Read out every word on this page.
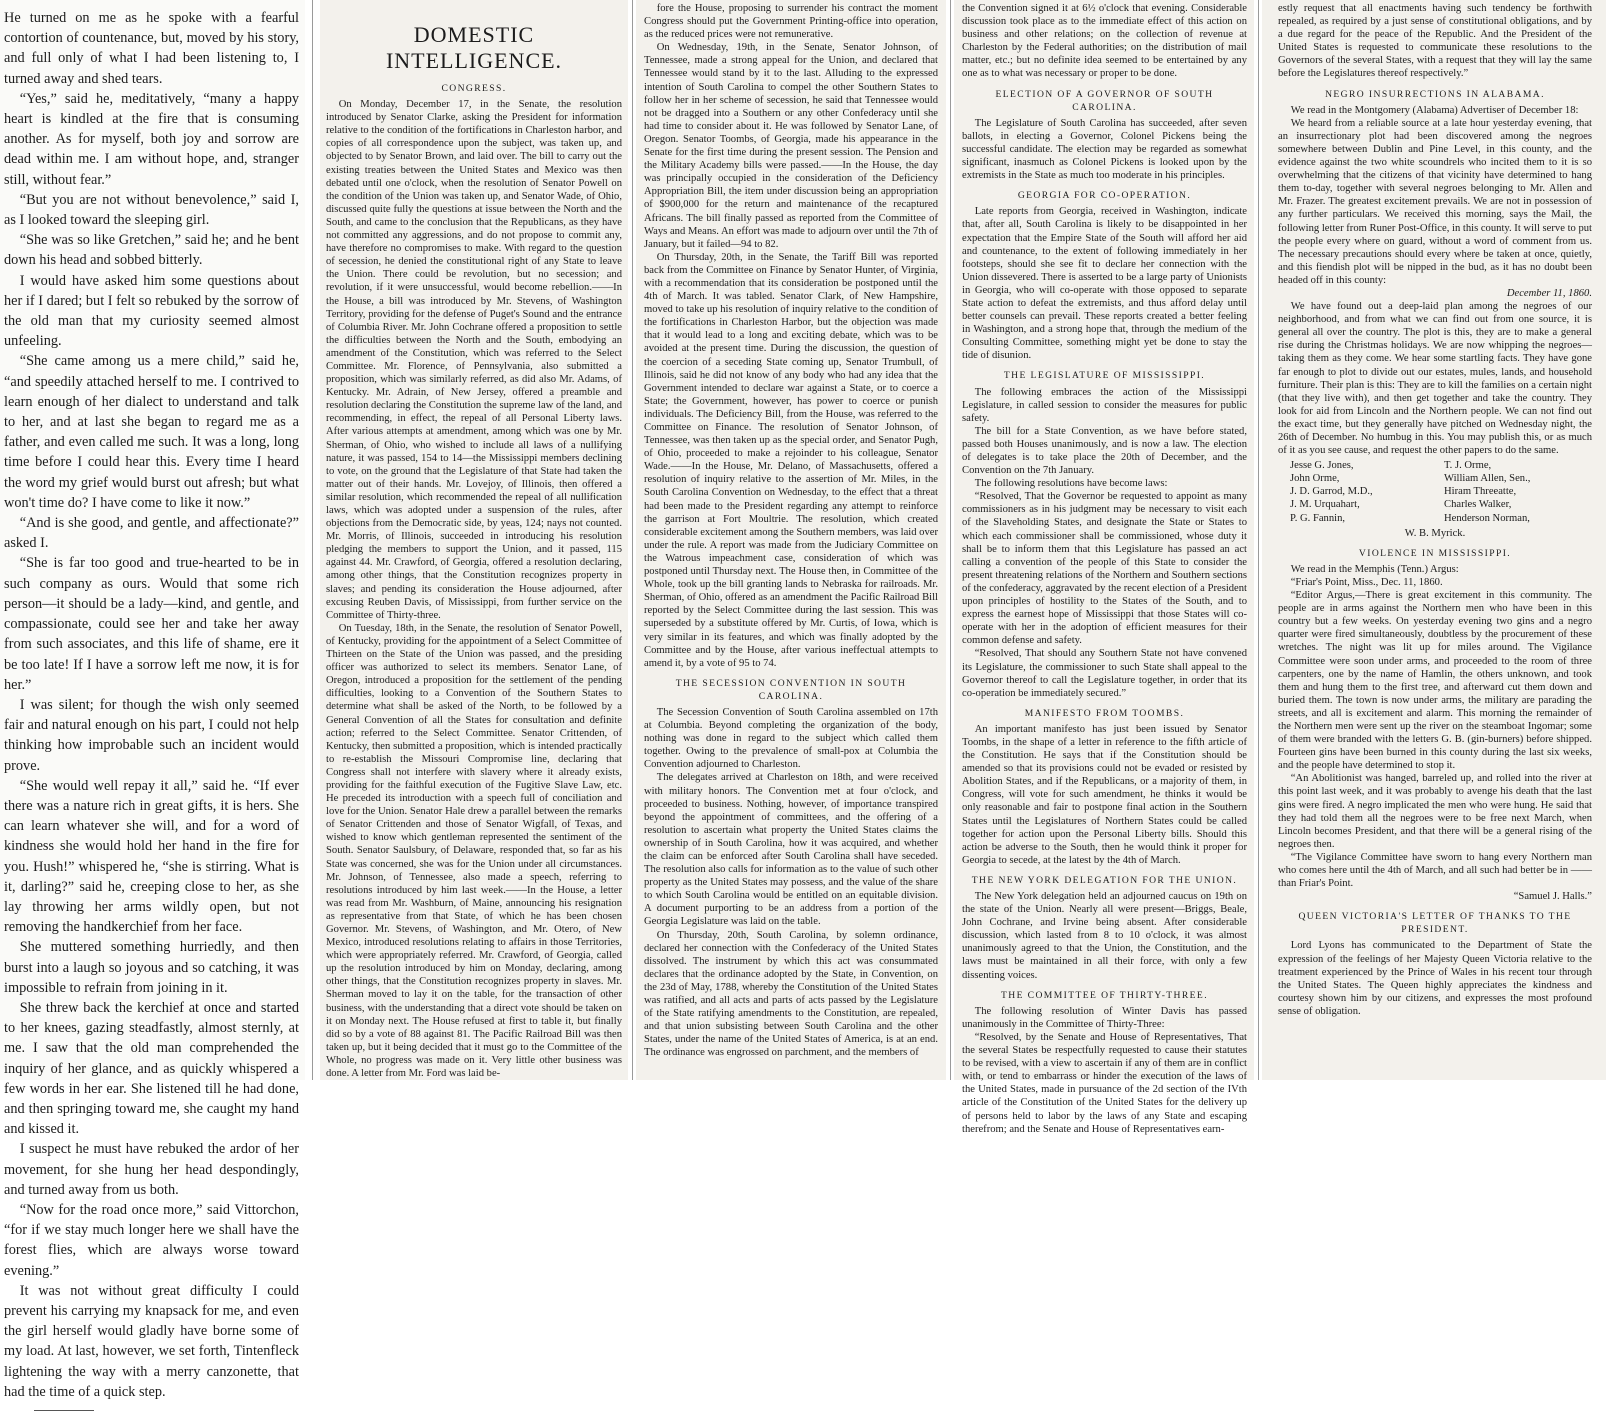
He turned on me as he spoke with a fearful contortion of countenance, but, moved by his story, and full only of what I had been listening to, I turned away and shed tears.

“Yes,” said he, meditatively, “many a happy heart is kindled at the fire that is consuming another. As for myself, both joy and sorrow are dead within me. I am without hope, and, stranger still, without fear.”

“But you are not without benevolence,” said I, as I looked toward the sleeping girl.

“She was so like Gretchen,” said he; and he bent down his head and sobbed bitterly.

I would have asked him some questions about her if I dared; but I felt so rebuked by the sorrow of the old man that my curiosity seemed almost unfeeling.

“She came among us a mere child,” said he, “and speedily attached herself to me. I contrived to learn enough of her dialect to understand and talk to her, and at last she began to regard me as a father, and even called me such. It was a long, long time before I could hear this. Every time I heard the word my grief would burst out afresh; but what won't time do? I have come to like it now.”

“And is she good, and gentle, and affectionate?” asked I.

“She is far too good and true-hearted to be in such company as ours. Would that some rich person—it should be a lady—kind, and gentle, and compassionate, could see her and take her away from such associates, and this life of shame, ere it be too late! If I have a sorrow left me now, it is for her.”

I was silent; for though the wish only seemed fair and natural enough on his part, I could not help thinking how improbable such an incident would prove.

“She would well repay it all,” said he. “If ever there was a nature rich in great gifts, it is hers. She can learn whatever she will, and for a word of kindness she would hold her hand in the fire for you. Hush!” whispered he, “she is stirring. What is it, darling?” said he, creeping close to her, as she lay throwing her arms wildly open, but not removing the handkerchief from her face.

She muttered something hurriedly, and then burst into a laugh so joyous and so catching, it was impossible to refrain from joining in it.

She threw back the kerchief at once and started to her knees, gazing steadfastly, almost sternly, at me. I saw that the old man comprehended the inquiry of her glance, and as quickly whispered a few words in her ear. She listened till he had done, and then springing toward me, she caught my hand and kissed it.

I suspect he must have rebuked the ardor of her movement, for she hung her head despondingly, and turned away from us both.

“Now for the road once more,” said Vittorchon, “for if we stay much longer here we shall have the forest flies, which are always worse toward evening.”

It was not without great difficulty I could prevent his carrying my knapsack for me, and even the girl herself would gladly have borne some of my load. At last, however, we set forth, Tintenfleck lightening the way with a merry canzonette, that had the time of a quick step.

DOMESTIC INTELLIGENCE.
CONGRESS.

On Monday, December 17, in the Senate, the resolution introduced by Senator Clarke, asking the President for information relative to the condition of the fortifications in Charleston harbor, and copies of all correspondence upon the subject, was taken up, and objected to by Senator Brown, and laid over. The bill to carry out the existing treaties between the United States and Mexico was then debated until one o'clock, when the resolution of Senator Powell on the condition of the Union was taken up, and Senator Wade, of Ohio, discussed quite fully the questions at issue between the North and the South, and came to the conclusion that the Republicans, as they have not committed any aggressions, and do not propose to commit any, have therefore no compromises to make. With regard to the question of secession, he denied the constitutional right of any State to leave the Union. There could be revolution, but no secession; and revolution, if it were unsuccessful, would become rebellion.——In the House, a bill was introduced by Mr. Stevens, of Washington Territory, providing for the defense of Puget's Sound and the entrance of Columbia River. Mr. John Cochrane offered a proposition to settle the difficulties between the North and the South, embodying an amendment of the Constitution, which was referred to the Select Committee. Mr. Florence, of Pennsylvania, also submitted a proposition, which was similarly referred, as did also Mr. Adams, of Kentucky. Mr. Adrain, of New Jersey, offered a preamble and resolution declaring the Constitution the supreme law of the land, and recommending, in effect, the repeal of all Personal Liberty laws. After various attempts at amendment, among which was one by Mr. Sherman, of Ohio, who wished to include all laws of a nullifying nature, it was passed, 154 to 14—the Mississippi members declining to vote, on the ground that the Legislature of that State had taken the matter out of their hands. Mr. Lovejoy, of Illinois, then offered a similar resolution, which recommended the repeal of all nullification laws, which was adopted under a suspension of the rules, after objections from the Democratic side, by yeas, 124; nays not counted. Mr. Morris, of Illinois, succeeded in introducing his resolution pledging the members to support the Union, and it passed, 115 against 44. Mr. Crawford, of Georgia, offered a resolution declaring, among other things, that the Constitution recognizes property in slaves; and pending its consideration the House adjourned, after excusing Reuben Davis, of Mississippi, from further service on the Committee of Thirty-three.

On Tuesday, 18th, in the Senate, the resolution of Senator Powell, of Kentucky, providing for the appointment of a Select Committee of Thirteen on the State of the Union was passed, and the presiding officer was authorized to select its members. Senator Lane, of Oregon, introduced a proposition for the settlement of the pending difficulties, looking to a Convention of the Southern States to determine what shall be asked of the North, to be followed by a General Convention of all the States for consultation and definite action; referred to the Select Committee. Senator Crittenden, of Kentucky, then submitted a proposition, which is intended practically to re-establish the Missouri Compromise line, declaring that Congress shall not interfere with slavery where it already exists, providing for the faithful execution of the Fugitive Slave Law, etc. He preceded its introduction with a speech full of conciliation and love for the Union. Senator Hale drew a parallel between the remarks of Senator Crittenden and those of Senator Wigfall, of Texas, and wished to know which gentleman represented the sentiment of the South. Senator Saulsbury, of Delaware, responded that, so far as his State was concerned, she was for the Union under all circumstances. Mr. Johnson, of Tennessee, also made a speech, referring to resolutions introduced by him last week.——In the House, a letter was read from Mr. Washburn, of Maine, announcing his resignation as representative from that State, of which he has been chosen Governor. Mr. Stevens, of Washington, and Mr. Otero, of New Mexico, introduced resolutions relating to affairs in those Territories, which were appropriately referred. Mr. Crawford, of Georgia, called up the resolution introduced by him on Monday, declaring, among other things, that the Constitution recognizes property in slaves. Mr. Sherman moved to lay it on the table, for the transaction of other business, with the understanding that a direct vote should be taken on it on Monday next. The House refused at first to table it, but finally did so by a vote of 88 against 81. The Pacific Railroad Bill was then taken up, but it being decided that it must go to the Committee of the Whole, no progress was made on it. Very little other business was done. A letter from Mr. Ford was laid be-

fore the House, proposing to surrender his contract the moment Congress should put the Government Printing-office into operation, as the reduced prices were not remunerative.

On Wednesday, 19th, in the Senate, Senator Johnson, of Tennessee, made a strong appeal for the Union, and declared that Tennessee would stand by it to the last. Alluding to the expressed intention of South Carolina to compel the other Southern States to follow her in her scheme of secession, he said that Tennessee would not be dragged into a Southern or any other Confederacy until she had time to consider about it. He was followed by Senator Lane, of Oregon. Senator Toombs, of Georgia, made his appearance in the Senate for the first time during the present session. The Pension and the Military Academy bills were passed.——In the House, the day was principally occupied in the consideration of the Deficiency Appropriation Bill, the item under discussion being an appropriation of $900,000 for the return and maintenance of the recaptured Africans. The bill finally passed as reported from the Committee of Ways and Means. An effort was made to adjourn over until the 7th of January, but it failed—94 to 82.

On Thursday, 20th, in the Senate, the Tariff Bill was reported back from the Committee on Finance by Senator Hunter, of Virginia, with a recommendation that its consideration be postponed until the 4th of March. It was tabled. Senator Clark, of New Hampshire, moved to take up his resolution of inquiry relative to the condition of the fortifications in Charleston Harbor, but the objection was made that it would lead to a long and exciting debate, which was to be avoided at the present time. During the discussion, the question of the coercion of a seceding State coming up, Senator Trumbull, of Illinois, said he did not know of any body who had any idea that the Government intended to declare war against a State, or to coerce a State; the Government, however, has power to coerce or punish individuals. The Deficiency Bill, from the House, was referred to the Committee on Finance. The resolution of Senator Johnson, of Tennessee, was then taken up as the special order, and Senator Pugh, of Ohio, proceeded to make a rejoinder to his colleague, Senator Wade.——In the House, Mr. Delano, of Massachusetts, offered a resolution of inquiry relative to the assertion of Mr. Miles, in the South Carolina Convention on Wednesday, to the effect that a threat had been made to the President regarding any attempt to reinforce the garrison at Fort Moultrie. The resolution, which created considerable excitement among the Southern members, was laid over under the rule. A report was made from the Judiciary Committee on the Watrous impeachment case, consideration of which was postponed until Thursday next. The House then, in Committee of the Whole, took up the bill granting lands to Nebraska for railroads. Mr. Sherman, of Ohio, offered as an amendment the Pacific Railroad Bill reported by the Select Committee during the last session. This was superseded by a substitute offered by Mr. Curtis, of Iowa, which is very similar in its features, and which was finally adopted by the Committee and by the House, after various ineffectual attempts to amend it, by a vote of 95 to 74.

THE SECESSION CONVENTION IN SOUTH CAROLINA.

The Secession Convention of South Carolina assembled on 17th at Columbia. Beyond completing the organization of the body, nothing was done in regard to the subject which called them together. Owing to the prevalence of small-pox at Columbia the Convention adjourned to Charleston.

The delegates arrived at Charleston on 18th, and were received with military honors. The Convention met at four o'clock, and proceeded to business. Nothing, however, of importance transpired beyond the appointment of committees, and the offering of a resolution to ascertain what property the United States claims the ownership of in South Carolina, how it was acquired, and whether the claim can be enforced after South Carolina shall have seceded. The resolution also calls for information as to the value of such other property as the United States may possess, and the value of the share to which South Carolina would be entitled on an equitable division. A document purporting to be an address from a portion of the Georgia Legislature was laid on the table.

On Thursday, 20th, South Carolina, by solemn ordinance, declared her connection with the Confederacy of the United States dissolved. The instrument by which this act was consummated declares that the ordinance adopted by the State, in Convention, on the 23d of May, 1788, whereby the Constitution of the United States was ratified, and all acts and parts of acts passed by the Legislature of the State ratifying amendments to the Constitution, are repealed, and that union subsisting between South Carolina and the other States, under the name of the United States of America, is at an end. The ordinance was engrossed on parchment, and the members of

the Convention signed it at 6½ o'clock that evening. Considerable discussion took place as to the immediate effect of this action on business and other relations; on the collection of revenue at Charleston by the Federal authorities; on the distribution of mail matter, etc.; but no definite idea seemed to be entertained by any one as to what was necessary or proper to be done.

ELECTION OF A GOVERNOR OF SOUTH CAROLINA.

The Legislature of South Carolina has succeeded, after seven ballots, in electing a Governor, Colonel Pickens being the successful candidate. The election may be regarded as somewhat significant, inasmuch as Colonel Pickens is looked upon by the extremists in the State as much too moderate in his principles.

GEORGIA FOR CO-OPERATION.

Late reports from Georgia, received in Washington, indicate that, after all, South Carolina is likely to be disappointed in her expectation that the Empire State of the South will afford her aid and countenance, to the extent of following immediately in her footsteps, should she see fit to declare her connection with the Union dissevered. There is asserted to be a large party of Unionists in Georgia, who will co-operate with those opposed to separate State action to defeat the extremists, and thus afford delay until better counsels can prevail. These reports created a better feeling in Washington, and a strong hope that, through the medium of the Consulting Committee, something might yet be done to stay the tide of disunion.

THE LEGISLATURE OF MISSISSIPPI.

The following embraces the action of the Mississippi Legislature, in called session to consider the measures for public safety.

The bill for a State Convention, as we have before stated, passed both Houses unanimously, and is now a law. The election of delegates is to take place the 20th of December, and the Convention on the 7th January.

The following resolutions have become laws:

“Resolved, That the Governor be requested to appoint as many commissioners as in his judgment may be necessary to visit each of the Slaveholding States, and designate the State or States to which each commissioner shall be commissioned, whose duty it shall be to inform them that this Legislature has passed an act calling a convention of the people of this State to consider the present threatening relations of the Northern and Southern sections of the confederacy, aggravated by the recent election of a President upon principles of hostility to the States of the South, and to express the earnest hope of Mississippi that those States will co-operate with her in the adoption of efficient measures for their common defense and safety.

“Resolved, That should any Southern State not have convened its Legislature, the commissioner to such State shall appeal to the Governor thereof to call the Legislature together, in order that its co-operation be immediately secured.”

MANIFESTO FROM TOOMBS.

An important manifesto has just been issued by Senator Toombs, in the shape of a letter in reference to the fifth article of the Constitution. He says that if the Constitution should be amended so that its provisions could not be evaded or resisted by Abolition States, and if the Republicans, or a majority of them, in Congress, will vote for such amendment, he thinks it would be only reasonable and fair to postpone final action in the Southern States until the Legislatures of Northern States could be called together for action upon the Personal Liberty bills. Should this action be adverse to the South, then he would think it proper for Georgia to secede, at the latest by the 4th of March.

THE NEW YORK DELEGATION FOR THE UNION.

The New York delegation held an adjourned caucus on 19th on the state of the Union. Nearly all were present—Briggs, Beale, John Cochrane, and Irvine being absent. After considerable discussion, which lasted from 8 to 10 o'clock, it was almost unanimously agreed to that the Union, the Constitution, and the laws must be maintained in all their force, with only a few dissenting voices.

THE COMMITTEE OF THIRTY-THREE.

The following resolution of Winter Davis has passed unanimously in the Committee of Thirty-Three:

“Resolved, by the Senate and House of Representatives, That the several States be respectfully requested to cause their statutes to be revised, with a view to ascertain if any of them are in conflict with, or tend to embarrass or hinder the execution of the laws of the United States, made in pursuance of the 2d section of the IVth article of the Constitution of the United States for the delivery up of persons held to labor by the laws of any State and escaping therefrom; and the Senate and House of Representatives earn-

estly request that all enactments having such tendency be forthwith repealed, as required by a just sense of constitutional obligations, and by a due regard for the peace of the Republic. And the President of the United States is requested to communicate these resolutions to the Governors of the several States, with a request that they will lay the same before the Legislatures thereof respectively.”

NEGRO INSURRECTIONS IN ALABAMA.

We read in the Montgomery (Alabama) Advertiser of December 18:

We heard from a reliable source at a late hour yesterday evening, that an insurrectionary plot had been discovered among the negroes somewhere between Dublin and Pine Level, in this county, and the evidence against the two white scoundrels who incited them to it is so overwhelming that the citizens of that vicinity have determined to hang them to-day, together with several negroes belonging to Mr. Allen and Mr. Frazer. The greatest excitement prevails. We are not in possession of any further particulars. We received this morning, says the Mail, the following letter from Runer Post-Office, in this county. It will serve to put the people every where on guard, without a word of comment from us. The necessary precautions should every where be taken at once, quietly, and this fiendish plot will be nipped in the bud, as it has no doubt been headed off in this county:

December 11, 1860.

We have found out a deep-laid plan among the negroes of our neighborhood, and from what we can find out from one source, it is general all over the country. The plot is this, they are to make a general rise during the Christmas holidays. We are now whipping the negroes—taking them as they come. We hear some startling facts. They have gone far enough to plot to divide out our estates, mules, lands, and household furniture. Their plan is this: They are to kill the families on a certain night (that they live with), and then get together and take the country. They look for aid from Lincoln and the Northern people. We can not find out the exact time, but they generally have pitched on Wednesday night, the 26th of December. No humbug in this. You may publish this, or as much of it as you see cause, and request the other papers to do the same.

Jesse G. Jones,
John Orme,
J. D. Garrod, M.D.,
J. M. Urquahart,
P. G. Fannin,
T. J. Orme,
William Allen, Sen.,
Hiram Threeatte,
Charles Walker,
Henderson Norman,
W. B. Myrick.
VIOLENCE IN MISSISSIPPI.

We read in the Memphis (Tenn.) Argus:

“Friar's Point, Miss., Dec. 11, 1860.

“Editor Argus,—There is great excitement in this community. The people are in arms against the Northern men who have been in this country but a few weeks. On yesterday evening two gins and a negro quarter were fired simultaneously, doubtless by the procurement of these wretches. The night was lit up for miles around. The Vigilance Committee were soon under arms, and proceeded to the room of three carpenters, one by the name of Hamlin, the others unknown, and took them and hung them to the first tree, and afterward cut them down and buried them. The town is now under arms, the military are parading the streets, and all is excitement and alarm. This morning the remainder of the Northern men were sent up the river on the steamboat Ingomar; some of them were branded with the letters G. B. (gin-burners) before shipped. Fourteen gins have been burned in this county during the last six weeks, and the people have determined to stop it.

“An Abolitionist was hanged, barreled up, and rolled into the river at this point last week, and it was probably to avenge his death that the last gins were fired. A negro implicated the men who were hung. He said that they had told them all the negroes were to be free next March, when Lincoln becomes President, and that there will be a general rising of the negroes then.

“The Vigilance Committee have sworn to hang every Northern man who comes here until the 4th of March, and all such had better be in —— than Friar's Point.

“Samuel J. Halls.”
QUEEN VICTORIA'S LETTER OF THANKS TO THE PRESIDENT.

Lord Lyons has communicated to the Department of State the expression of the feelings of her Majesty Queen Victoria relative to the treatment experienced by the Prince of Wales in his recent tour through the United States. The Queen highly appreciates the kindness and courtesy shown him by our citizens, and expresses the most profound sense of obligation.
